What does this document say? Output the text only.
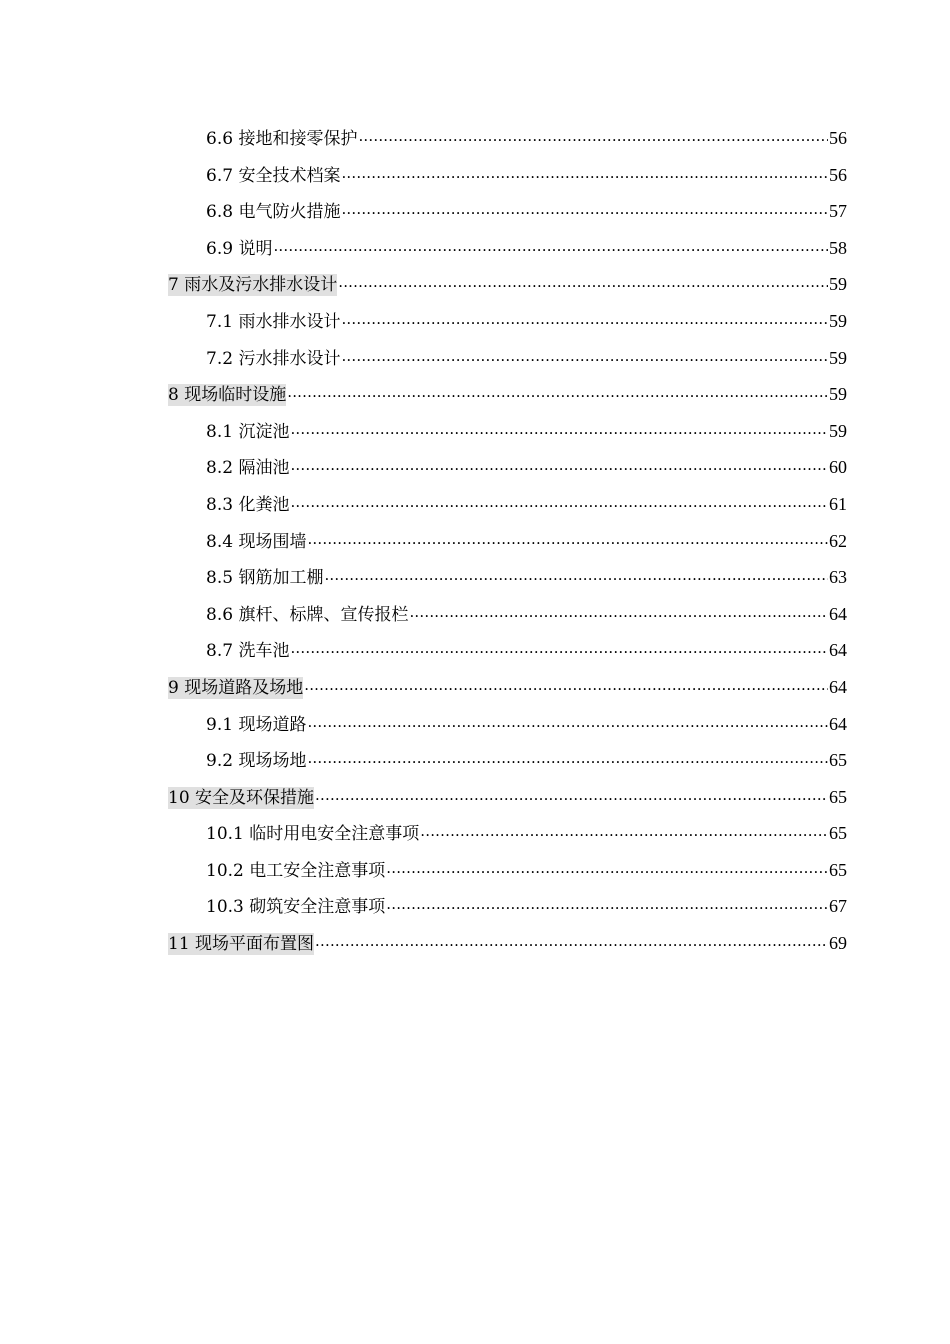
6.6 接地和接零保护 .....	56
6.7 安全技术档案 .....	56
6.8 电气防火措施 .....	57
6.9 说明 .....	58
7 雨水及污水排水设计 .....	59
7.1 雨水排水设计 .....	59
7.2 污水排水设计 .....	59
8 现场临时设施 .....	59
8.1 沉淀池 .....	59
8.2 隔油池 .....	60
8.3 化粪池 .....	61
8.4 现场围墙 .....	62
8.5 钢筋加工棚 .....	63
8.6 旗杆、标牌、宣传报栏 .....	64
8.7 洗车池 .....	64
9 现场道路及场地 .....	64
9.1 现场道路 .....	64
9.2 现场场地 .....	65
10 安全及环保措施 .....	65
10.1 临时用电安全注意事项 .....	65
10.2 电工安全注意事项 .....	65
10.3 砌筑安全注意事项 .....	67
11 现场平面布置图 .....	69
